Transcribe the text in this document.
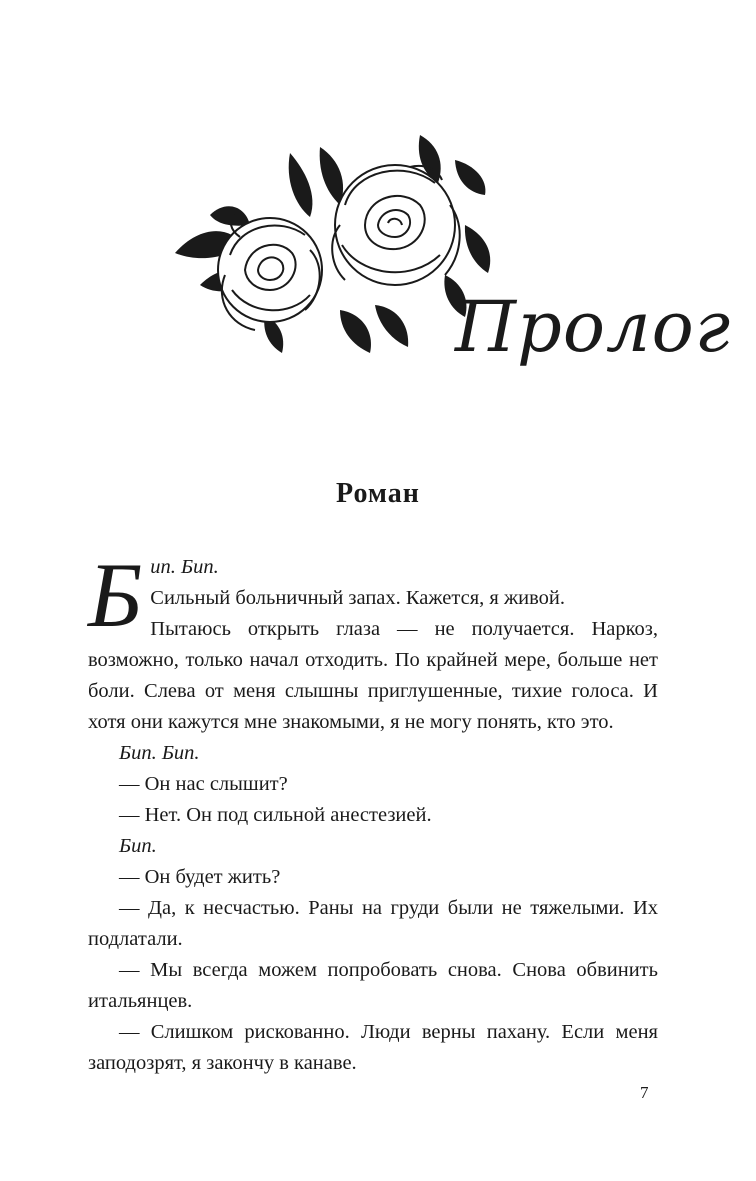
Пролог
Роман

Бип. Бип.

Сильный больничный запах. Кажется, я живой.

Пытаюсь открыть глаза — не получается. Наркоз, возможно, только начал отходить. По крайней мере, больше нет боли. Слева от меня слышны приглушенные, тихие голоса. И хотя они кажутся мне знакомыми, я не могу понять, кто это.

Бип. Бип.

— Он нас слышит?

— Нет. Он под сильной анестезией.

Бип.

— Он будет жить?

— Да, к несчастью. Раны на груди были не тяжелыми. Их подлатали.

— Мы всегда можем попробовать снова. Снова обвинить итальянцев.

— Слишком рискованно. Люди верны пахану. Если меня заподозрят, я закончу в канаве.

7
